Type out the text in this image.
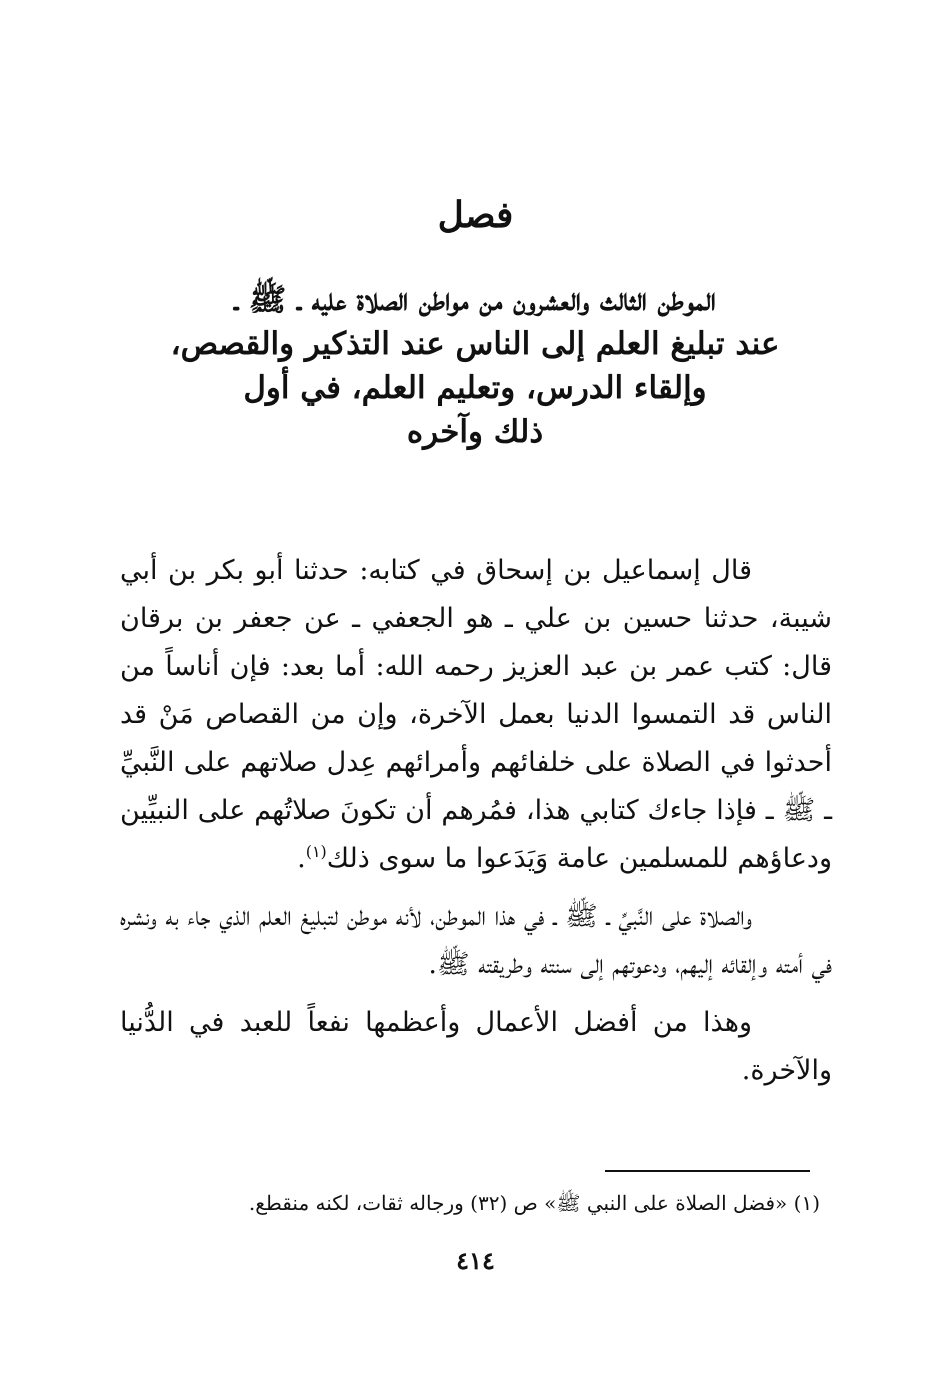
فصل
الموطن الثالث والعشرون من مواطن الصلاة عليه ـ ﷺ ـ
عند تبليغ العلم إلى الناس عند التذكير والقصص،
وإلقاء الدرس، وتعليم العلم، في أول
ذلك وآخره

قال إسماعيل بن إسحاق في كتابه: حدثنا أبو بكر بن أبي شيبة، حدثنا حسين بن علي ـ هو الجعفي ـ عن جعفر بن برقان قال: كتب عمر بن عبد العزيز رحمه الله: أما بعد: فإن أناساً من الناس قد التمسوا الدنيا بعمل الآخرة، وإن من القصاص مَنْ قد أحدثوا في الصلاة على خلفائهم وأمرائهم عِدل صلاتهم على النَّبيِّ ـ ﷺ ـ فإذا جاءك كتابي هذا، فمُرهم أن تكونَ صلاتُهم على النبيِّين ودعاؤهم للمسلمين عامة وَيَدَعوا ما سوى ذلك$^{(١)}$.

والصلاة على النَّبيِّ ـ ﷺ ـ في هذا الموطن، لأنه موطن لتبليغ العلم الذي جاء به ونشره في أمته وإلقائه إليهم، ودعوتهم إلى سنته وطريقته ﷺ.

وهذا من أفضل الأعمال وأعظمها نفعاً للعبد في الدُّنيا والآخرة.

(١) «فضل الصلاة على النبي ﷺ» ص (٣٢) ورجاله ثقات، لكنه منقطع.
٤١٤
